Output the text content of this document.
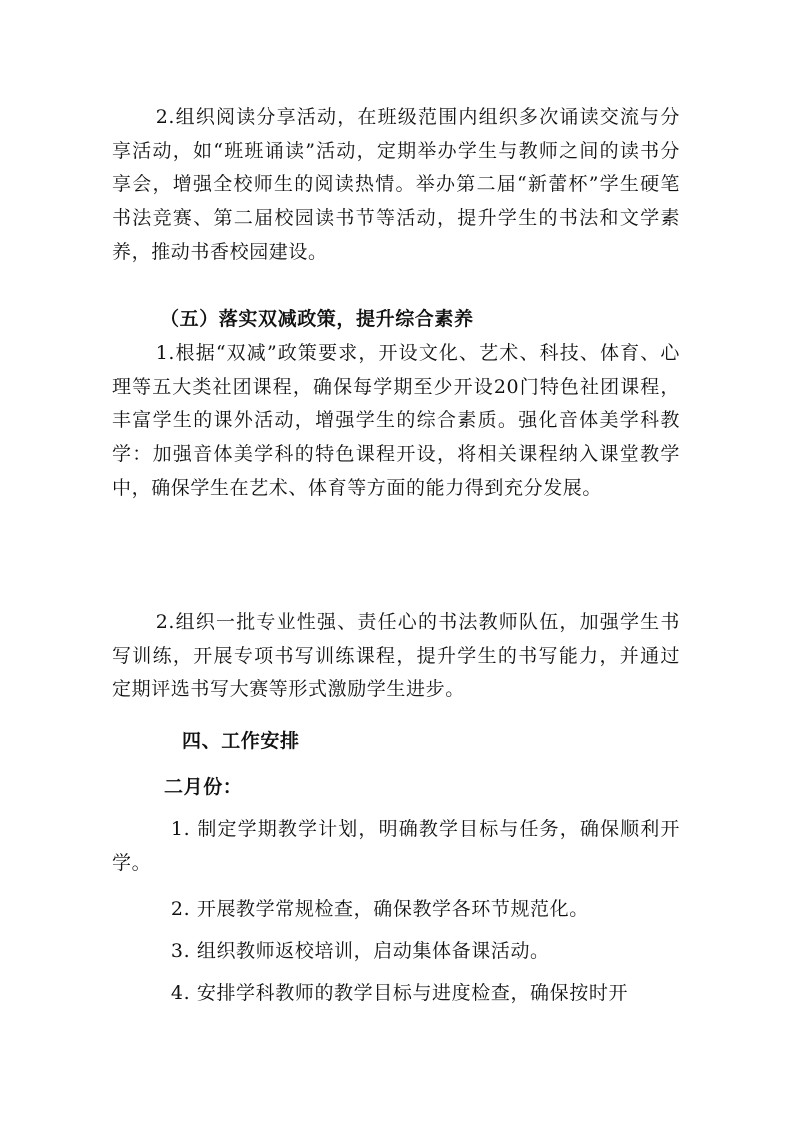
2.组织阅读分享活动，在班级范围内组织多次诵读交流与分享活动，如“班班诵读”活动，定期举办学生与教师之间的读书分享会，增强全校师生的阅读热情。举办第二届“新蕾杯”学生硬笔书法竞赛、第二届校园读书节等活动，提升学生的书法和文学素养，推动书香校园建设。

（五）落实双减政策，提升综合素养

1.根据“双减”政策要求，开设文化、艺术、科技、体育、心理等五大类社团课程，确保每学期至少开设20门特色社团课程，丰富学生的课外活动，增强学生的综合素质。强化音体美学科教学：加强音体美学科的特色课程开设，将相关课程纳入课堂教学中，确保学生在艺术、体育等方面的能力得到充分发展。

2.组织一批专业性强、责任心的书法教师队伍，加强学生书写训练，开展专项书写训练课程，提升学生的书写能力，并通过定期评选书写大赛等形式激励学生进步。

四、工作安排

二月份：

1. 制定学期教学计划，明确教学目标与任务，确保顺利开学。

2. 开展教学常规检查，确保教学各环节规范化。

3. 组织教师返校培训，启动集体备课活动。

4. 安排学科教师的教学目标与进度检查，确保按时开
